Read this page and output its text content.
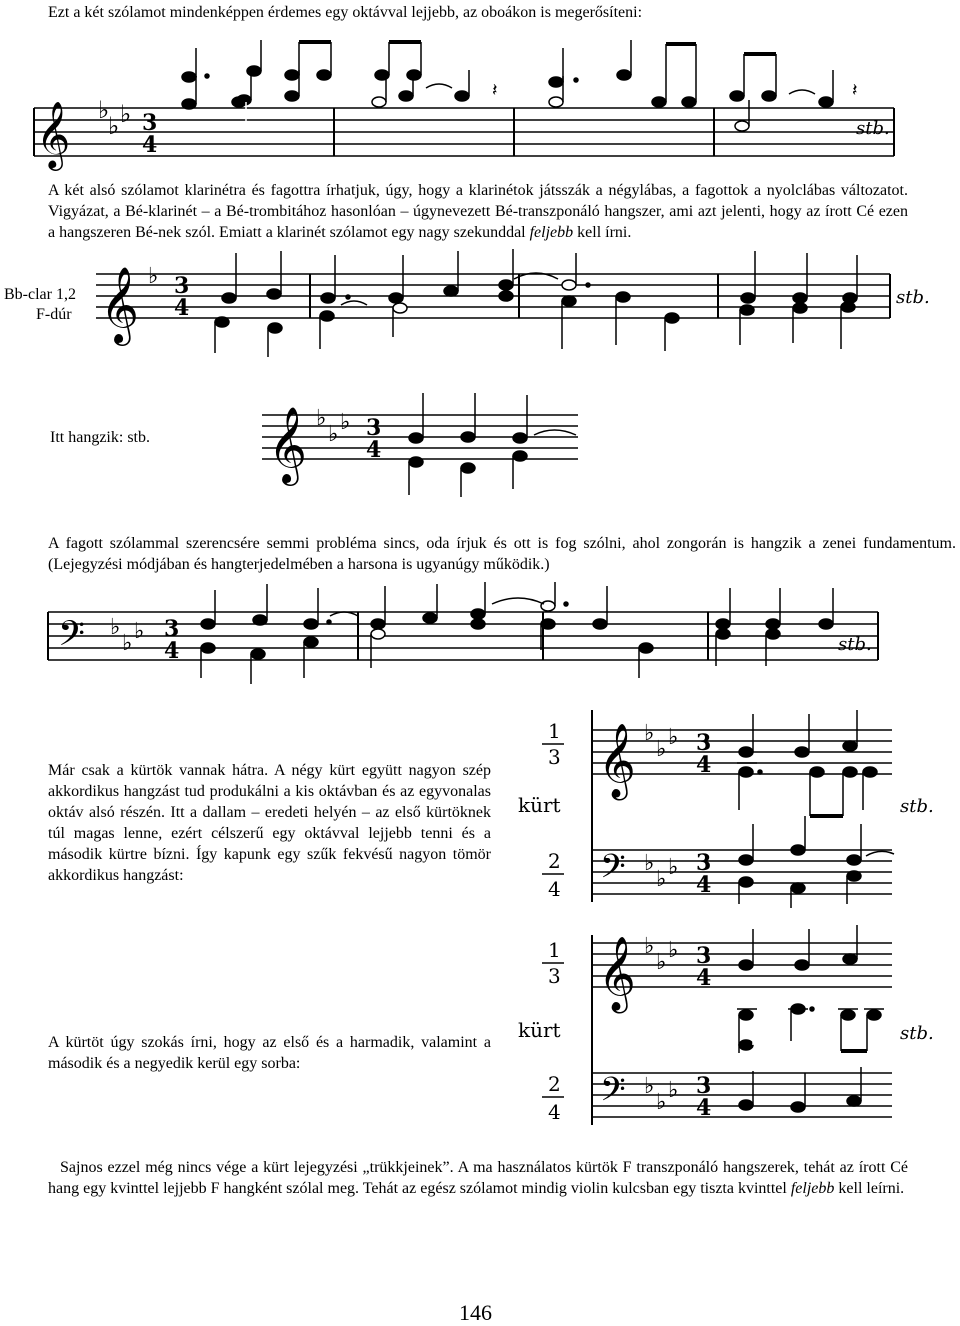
Ezt a két szólamot mindenképpen érdemes egy oktávval lejjebb, az oboákon is megerősíteni:
𝄞 ♭
♭ ♭ 3
4
𝄽	𝄽
stb.
A két alsó szólamot klarinétra és fagottra írhatjuk, úgy, hogy a klarinétok játsszák a négylábas, a fagottok a nyolclábas változatot. Vigyázat, a Bé-klarinét – a Bé-trombitához hasonlóan – úgynevezett Bé-transzponáló hangszer, ami azt jelenti, hogy az írott Cé ezen a hangszeren Bé-nek szól. Emiatt a klarinét szólamot egy nagy szekunddal feljebb kell írni.
Bb-clar 1,2
F-dúr 𝄞 ♭ 3
4	stb.
Itt hangzik: stb. 𝄞 ♭
♭ ♭ 3
4
A fagott szólammal szerencsére semmi probléma sincs, oda írjuk és ott is fog szólni, ahol zongorán is hangzik a zenei fundamentum. (Lejegyzési módjában és hangterjedelmében a harsona is ugyanúgy működik.)
𝄢 ♭
♭ ♭ 3
4	stb.
Már csak a kürtök vannak hátra. A négy kürt együtt nagyon szép akkordikus hangzást tud produkálni a kis oktávban és az egyvonalas oktáv alsó részén. Itt a dallam – eredeti helyén – az első kürtöknek túl magas lenne, ezért célszerű egy oktávval lejjebb tenni és a második kürtre bízni. Így kapunk egy szűk fekvésű nagyon tömör akkordikus hangzást:
1
3
kürt
2
4
𝄞 ♭
♭ ♭ 3
4
𝄢 ♭
♭ ♭ 3
4
stb.
A kürtöt úgy szokás írni, hogy az első és a harmadik, valamint a második és a negyedik kerül egy sorba:
1
3
kürt
2
4
𝄞 ♭
♭ ♭ 3
4
𝄢 ♭
♭ ♭ 3
4
stb.
Sajnos ezzel még nincs vége a kürt lejegyzési „trükkjeinek”. A ma használatos kürtök F transzponáló hangszerek, tehát az írott Cé hang egy kvinttel lejjebb F hangként szólal meg. Tehát az egész szólamot mindig violin kulcsban egy tiszta kvinttel feljebb kell leírni.
146
